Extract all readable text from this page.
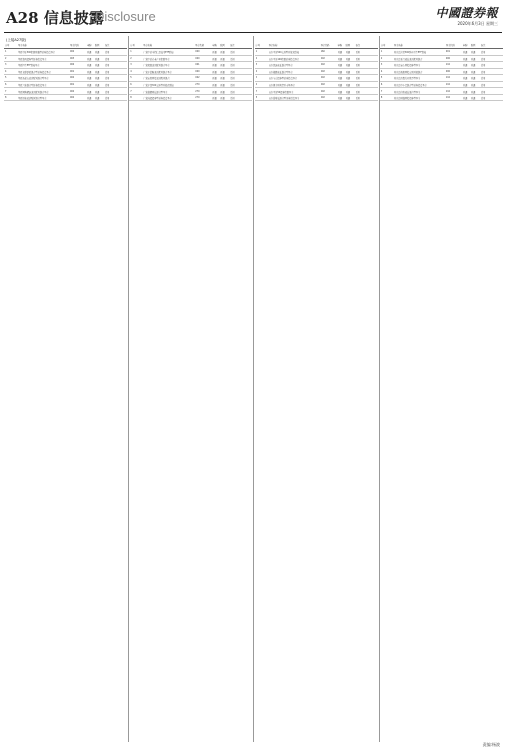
A28 信息披露
Disclosure	中國證券報
2020年6月3日 星期三
(上接A27版)
序号	基金名称	基金代码	申购	赎回	备注
1	华夏中证500指数增强型证券投资基金	002	开通	开通	适用
2	华夏鼎茂债券型证券投资基金	003	开通	开通	适用
3	华夏恒生ETF联接基金	000	开通	开通	适用
4	华夏永康添福混合型证券投资基金	001	开通	开通	适用
5	华夏新起点灵活配置混合型基金	002	开通	开通	适用
6	华夏兴和混合型证券投资基金	001	开通	开通	适用
7	华夏网购精选灵活配置混合基金	002	开通	开通	适用
8	华夏圆和灵活配置混合型基金	002	开通	开通	适用
序号	基金名称	基金代码	申购	赎回	备注
1	广发中证全指信息技术ETF联接	000	开通	开通	适用
2	广发中证养老产业指数基金	000	开通	开通	适用
3	广发聚惠灵活配置混合基金	001	开通	开通	适用
4	广发多策略灵活配置混合基金	000	开通	开通	适用
5	广发安悦回报灵活配置混合	002	开通	开通	适用
6	广发沪深300交易型开放式联接	270	开通	开通	适用
7	广发稳健增长混合型基金	270	开通	开通	适用
8	广发纯债债券型证券投资基金	270	开通	开通	适用
序号	基金名称	基金代码	申购	赎回	备注
1	南方中证500交易型开放式联接	160	开通	开通	适用
2	南方中证100指数证券投资基金	202	开通	开通	适用
3	南方优选成长混合型基金	202	开通	开通	适用
4	南方稳健成长混合型基金	202	开通	开通	适用
5	南方宝元债券型证券投资基金	202	开通	开通	适用
6	南方现金增利货币市场基金	202	开通	开通	适用
7	南方中证50债券指数基金	202	开通	开通	适用
8	南方高增长混合型证券投资基金	202	开通	开通	适用
序号	基金名称	基金代码	申购	赎回	备注
1	易方达沪深300医药卫生ETF联接	001	开通	开通	适用
2	易方达新兴成长灵活配置混合	000	开通	开通	适用
3	易方达安心回报债券型基金	110	开通	开通	适用
4	易方达裕惠回报定期开放混合	000	开通	开通	适用
5	易方达消费行业股票型基金	110	开通	开通	适用
6	易方达中小盘混合型证券投资基金	110	开通	开通	适用
7	易方达价值成长混合型基金	110	开通	开通	适用
8	易方达增强回报债券型基金	110	开通	开通	适用
责编:杨波
